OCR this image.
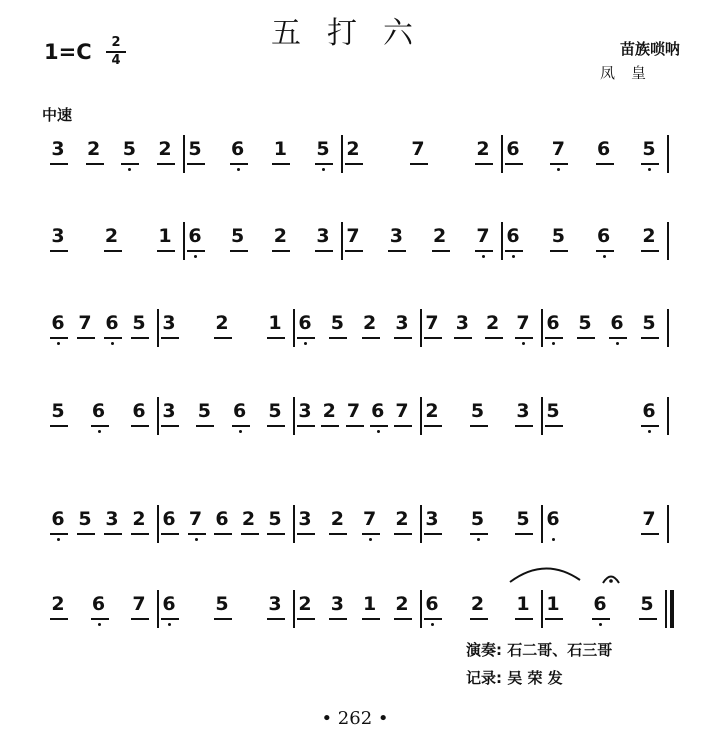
五打六
1=C	2
4
苗族唢呐
凤皇
中速
3 2 5 2 5 6 1 5 2	7	2 6 7 6 5
3 2 1 6 5 2 3 7 3 2 7 6 5 6 2
6 7 6 5 3 2 1 6 5 2 3 7 3 2 7 6 5 6 5
5 6 6 3 5 6 5 3 2 7 6 7 2 5 3 5	6
6 5 3 2 6 7 6 2 5 3 2 7 2 3 5 5 6	7
2 6 7 6 5 3 2 3 1 2 6 2 1 1 6 5
演奏: 石二哥、石三哥
记录: 吴 荣 发
• 262 •
